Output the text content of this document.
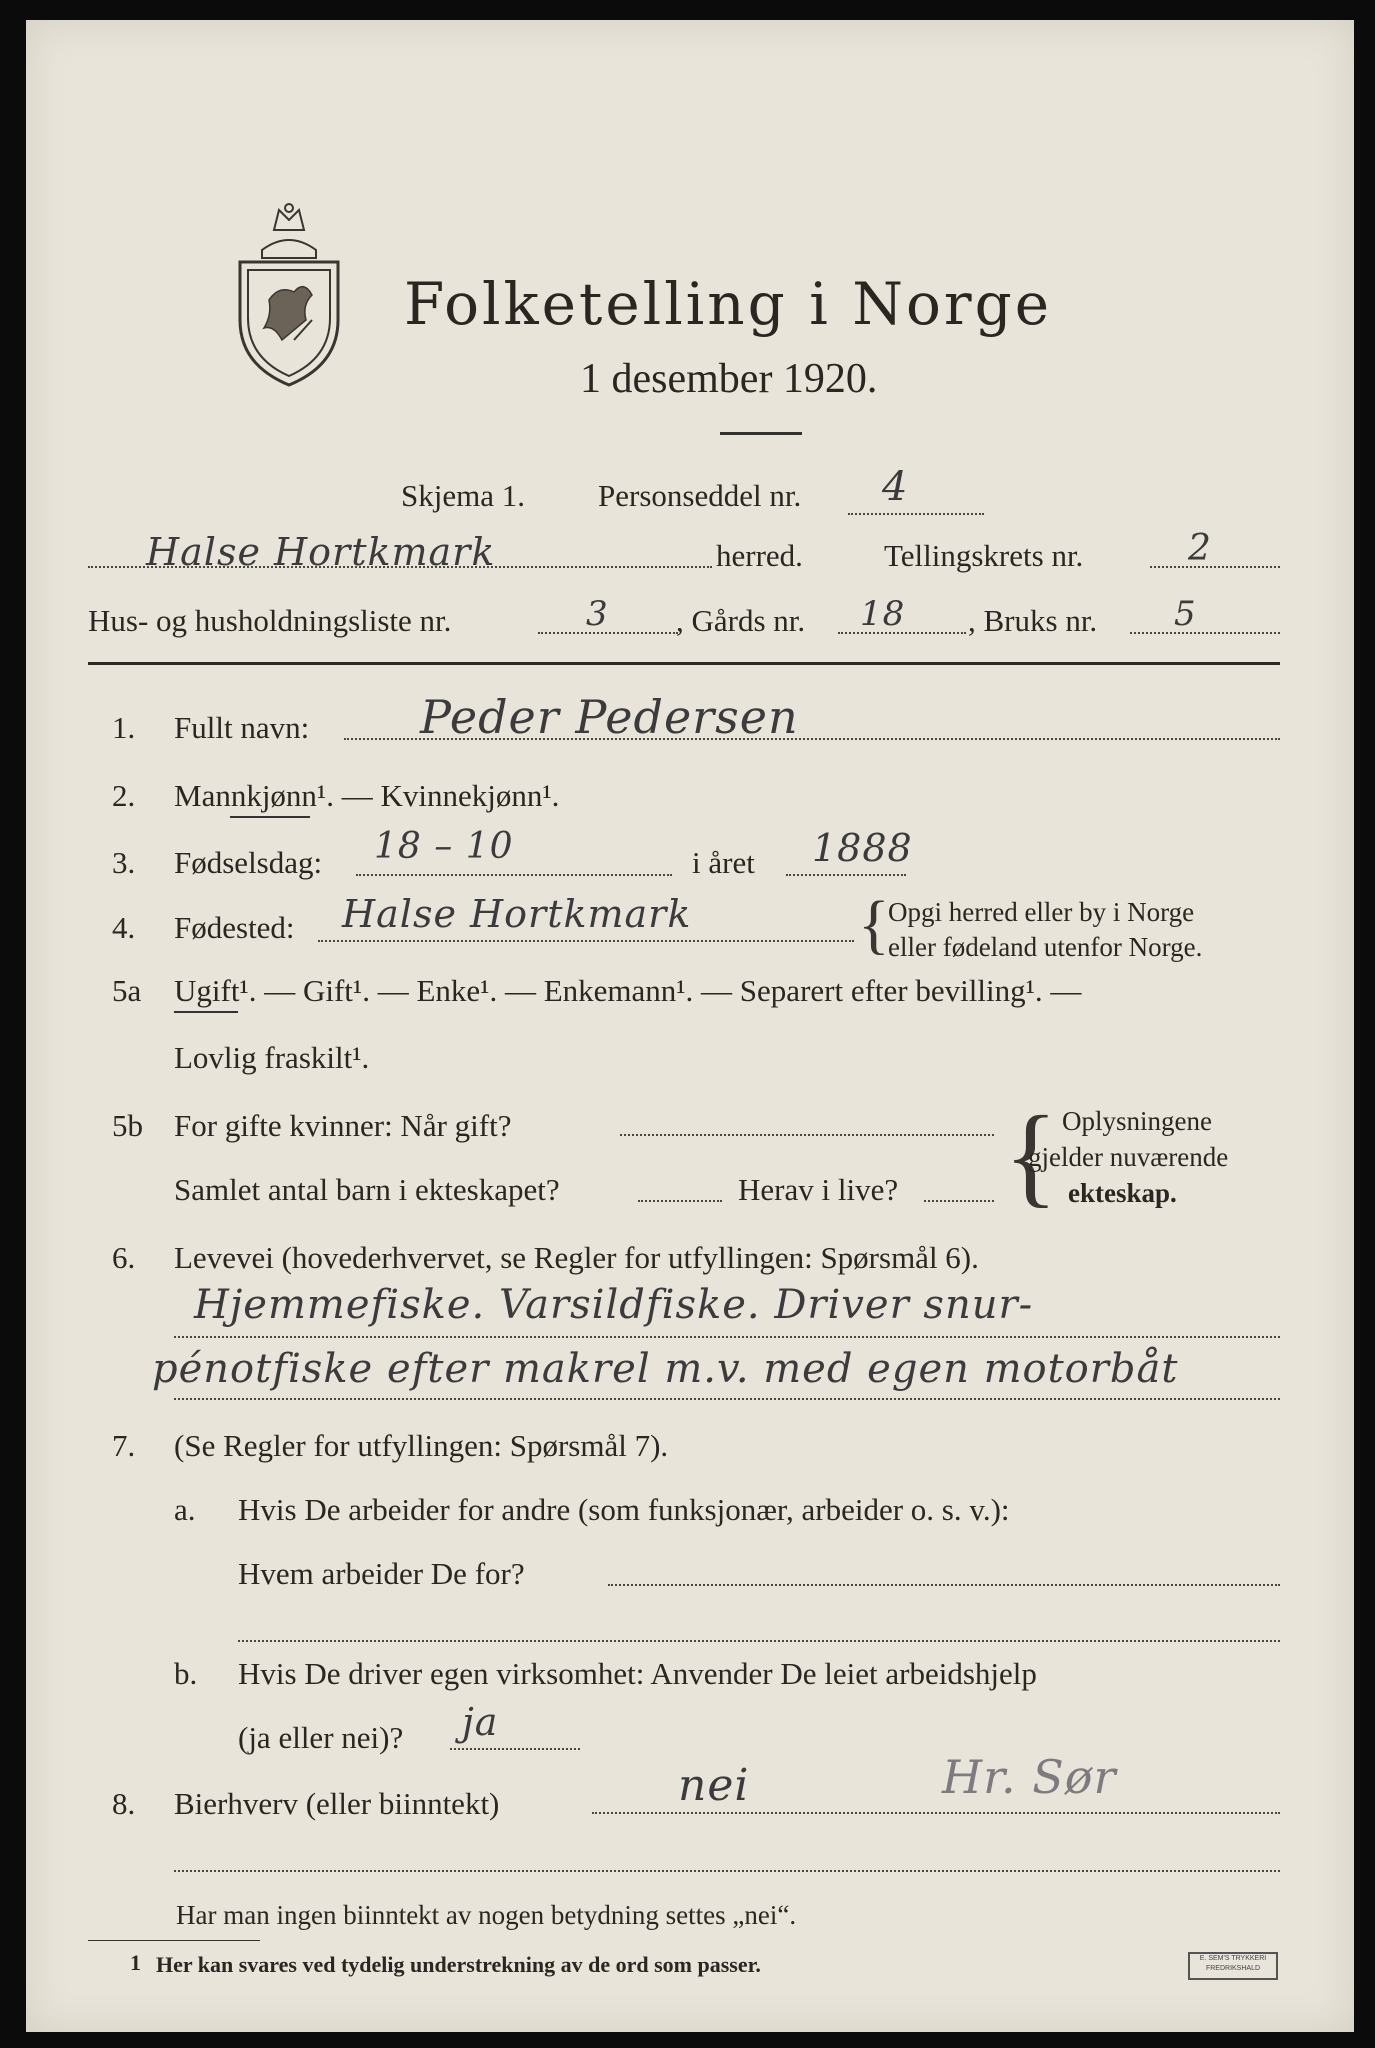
Folketelling i Norge
1 desember 1920.
Skjema 1. Personseddel nr. 4
Halse Hortkmark	herred.	Tellingskrets nr.	2
Hus- og husholdningsliste nr.	3 , Gårds nr. 18 , Bruks nr. 5
1. Fullt navn: Peder Pedersen
2. Mannkjønn¹. — Kvinnekjønn¹.
3. Fødselsdag: 18 – 10	i året 1888
4. Fødested: Halse Hortkmark	{
Opgi herred eller by i Norge
eller fødeland utenfor Norge.
5a Ugift¹. — Gift¹. — Enke¹. — Enkemann¹. — Separert efter bevilling¹. —
Lovlig fraskilt¹.
5b For gifte kvinner: Når gift?
Samlet antal barn i ekteskapet?	Herav i live? { Oplysningene
gjelder nuværende
ekteskap.
6. Levevei (hovederhvervet, se Regler for utfyllingen: Spørsmål 6).
Hjemmefiske. Varsildfiske. Driver snur-
pénotfiske efter makrel m.v. med egen motorbåt
7. (Se Regler for utfyllingen: Spørsmål 7).
a. Hvis De arbeider for andre (som funksjonær, arbeider o. s. v.):
Hvem arbeider De for?
b. Hvis De driver egen virksomhet: Anvender De leiet arbeidshjelp
(ja eller nei)? ja
8. Bierhverv (eller biinntekt)	nei	Hr. Sør
Har man ingen biinntekt av nogen betydning settes „nei“.
1 Her kan svares ved tydelig understrekning av de ord som passer.	E. SEM'S TRYKKERI
FREDRIKSHALD
